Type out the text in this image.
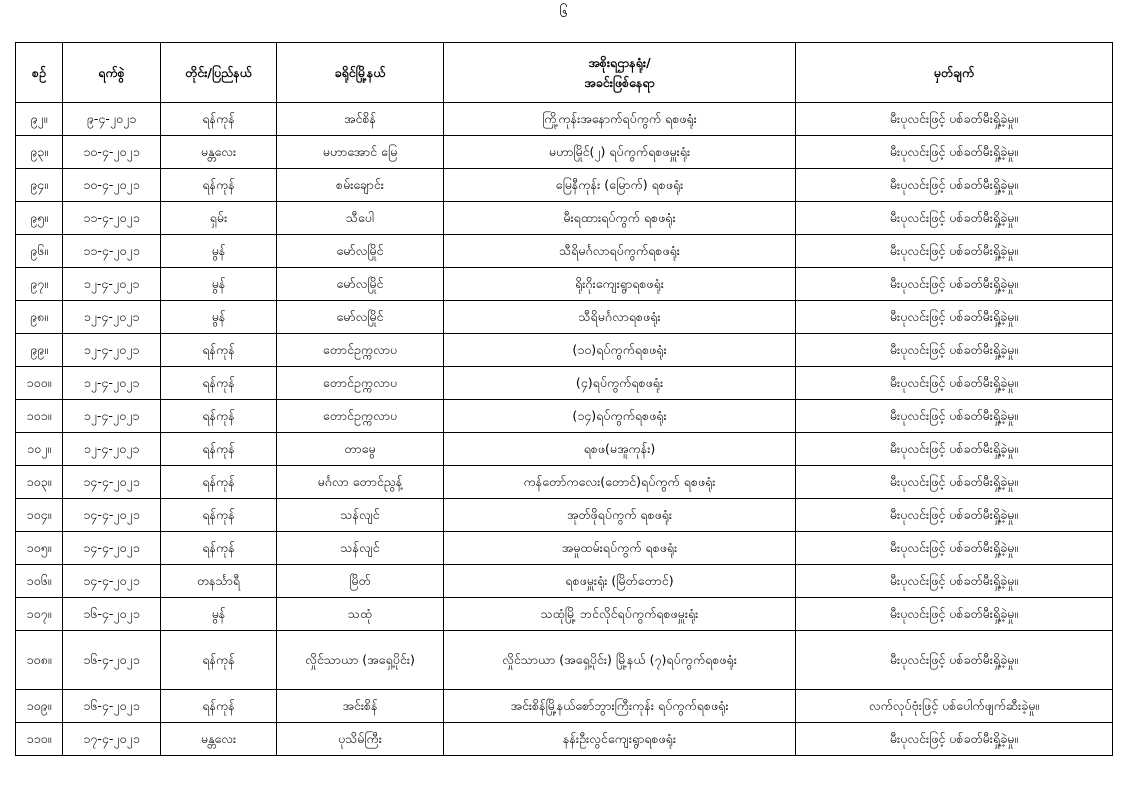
၆
စဉ်	ရက်စွဲ	တိုင်း/ပြည်နယ်	ခရိုင်မြို့နယ်	အစိုးရဌာနရုံး/
အခင်းဖြစ်နေရာ	မှတ်ချက်
၉၂။	၉-၄-၂၀၂၁	ရန်ကုန်	အင်စိန်	ကြို့ကုန်းအနောက်ရပ်ကွက် ရစဖရုံး	မီးပုလင်းဖြင့် ပစ်ခတ်မီးရှို့ခဲ့မှု။
၉၃။	၁၀-၄-၂၀၂၁	မန္တလေး	မဟာအောင် မြေ	မဟာမြိုင်(၂) ရပ်ကွက်ရစဖမှူးရုံး	မီးပုလင်းဖြင့် ပစ်ခတ်မီးရှို့ခဲ့မှု။
၉၄။	၁၀-၄-၂၀၂၁	ရန်ကုန်	စမ်းချောင်း	မြေနီကုန်း (မြောက်) ရစဖရုံး	မီးပုလင်းဖြင့် ပစ်ခတ်မီးရှို့ခဲ့မှု။
၉၅။	၁၁-၄-၂၀၂၁	ရှမ်း	သီပေါ	မီးရထားရပ်ကွက် ရစဖရုံး	မီးပုလင်းဖြင့် ပစ်ခတ်မီးရှို့ခဲ့မှု။
၉၆။	၁၁-၄-၂၀၂၁	မွန်	မော်လမြိုင်	သီရိမင်္ဂလာရပ်ကွက်ရစဖရုံး	မီးပုလင်းဖြင့် ပစ်ခတ်မီးရှို့ခဲ့မှု။
၉၇။	၁၂-၄-၂၀၂၁	မွန်	မော်လမြိုင်	ရိုးဂိုးကျေးရွာရစဖရုံး	မီးပုလင်းဖြင့် ပစ်ခတ်မီးရှို့ခဲ့မှု။
၉၈။	၁၂-၄-၂၀၂၁	မွန်	မော်လမြိုင်	သီရိမင်္ဂလာရစဖရုံး	မီးပုလင်းဖြင့် ပစ်ခတ်မီးရှို့ခဲ့မှု။
၉၉။	၁၂-၄-၂၀၂၁	ရန်ကုန်	တောင်ဥက္ကလာပ	(၁၀)ရပ်ကွက်ရစဖရုံး	မီးပုလင်းဖြင့် ပစ်ခတ်မီးရှို့ခဲ့မှု။
၁၀၀။	၁၂-၄-၂၀၂၁	ရန်ကုန်	တောင်ဥက္ကလာပ	(၄)ရပ်ကွက်ရစဖရုံး	မီးပုလင်းဖြင့် ပစ်ခတ်မီးရှို့ခဲ့မှု။
၁၀၁။	၁၂-၄-၂၀၂၁	ရန်ကုန်	တောင်ဥက္ကလာပ	(၁၄)ရပ်ကွက်ရစဖရုံး	မီးပုလင်းဖြင့် ပစ်ခတ်မီးရှို့ခဲ့မှု။
၁၀၂။	၁၂-၄-၂၀၂၁	ရန်ကုန်	တာမွေ	ရစဖ(မအူကုန်း)	မီးပုလင်းဖြင့် ပစ်ခတ်မီးရှို့ခဲ့မှု။
၁၀၃။	၁၄-၄-၂၀၂၁	ရန်ကုန်	မင်္ဂလာ တောင်ညွန့်	ကန်တော်ကလေး(တောင်)ရပ်ကွက် ရစဖရုံး	မီးပုလင်းဖြင့် ပစ်ခတ်မီးရှို့ခဲ့မှု။
၁၀၄။	၁၄-၄-၂၀၂၁	ရန်ကုန်	သန်လျင်	အုတ်ဖိုရပ်ကွက် ရစဖရုံး	မီးပုလင်းဖြင့် ပစ်ခတ်မီးရှို့ခဲ့မှု။
၁၀၅။	၁၄-၄-၂၀၂၁	ရန်ကုန်	သန်လျင်	အမှုထမ်းရပ်ကွက် ရစဖရုံး	မီးပုလင်းဖြင့် ပစ်ခတ်မီးရှို့ခဲ့မှု။
၁၀၆။	၁၄-၄-၂၀၂၁	တနင်္သာရီ	မြိတ်	ရစဖမှူးရုံး (မြိတ်တောင်)	မီးပုလင်းဖြင့် ပစ်ခတ်မီးရှို့ခဲ့မှု။
၁၀၇။	၁၆-၄-၂၀၂၁	မွန်	သထုံ	သထုံမြို့ ဘင်လိုင်ရပ်ကွက်ရစဖမှူးရုံး	မီးပုလင်းဖြင့် ပစ်ခတ်မီးရှို့ခဲ့မှု။
၁၀၈။	၁၆-၄-၂၀၂၁	ရန်ကုန်	လှိုင်သာယာ (အရှေ့ပိုင်း)	လှိုင်သာယာ (အရှေ့ပိုင်း) မြို့နယ် (၇)ရပ်ကွက်ရစဖရုံး	မီးပုလင်းဖြင့် ပစ်ခတ်မီးရှို့ခဲ့မှု။
၁၀၉။	၁၆-၄-၂၀၂၁	ရန်ကုန်	အင်းစိန်	အင်းစိန်မြို့နယ်စော်ဘွားကြီးကုန်း ရပ်ကွက်ရစဖရုံး	လက်လုပ်ဗုံးဖြင့် ပစ်ပေါက်ဖျက်ဆီးခဲ့မှု။
၁၁၀။	၁၇-၄-၂၀၂၁	မန္တလေး	ပုသိမ်ကြီး	နန်းဦးလွင်ကျေးရွာရစဖရုံး	မီးပုလင်းဖြင့် ပစ်ခတ်မီးရှို့ခဲ့မှု။
